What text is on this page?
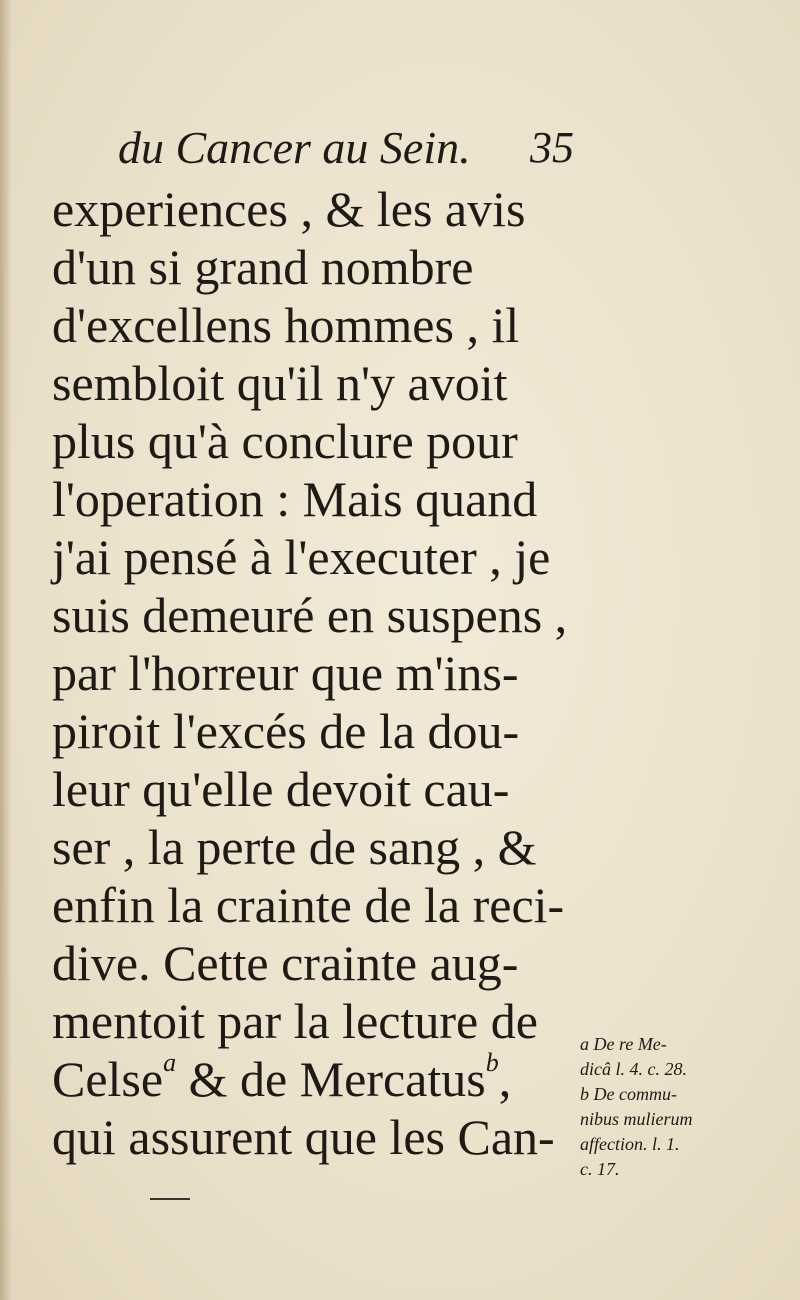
du Cancer au Sein. 35
experiences , & les avis
d'un si grand nombre
d'excellens hommes , il
sembloit qu'il n'y avoit
plus qu'à conclure pour
l'operation : Mais quand
j'ai pensé à l'executer , je
suis demeuré en suspens ,
par l'horreur que m'ins-
piroit l'excés de la dou-
leur qu'elle devoit cau-
ser , la perte de sang , &
enfin la crainte de la reci-
dive. Cette crainte aug-
mentoit par la lecture de
Celse$^a$ & de Mercatus$^b$,
qui assurent que les Can-
a De re Me-
dicâ l. 4. c. 28.
b De commu-
nibus mulierum
affection. l. 1.
c. 17.
